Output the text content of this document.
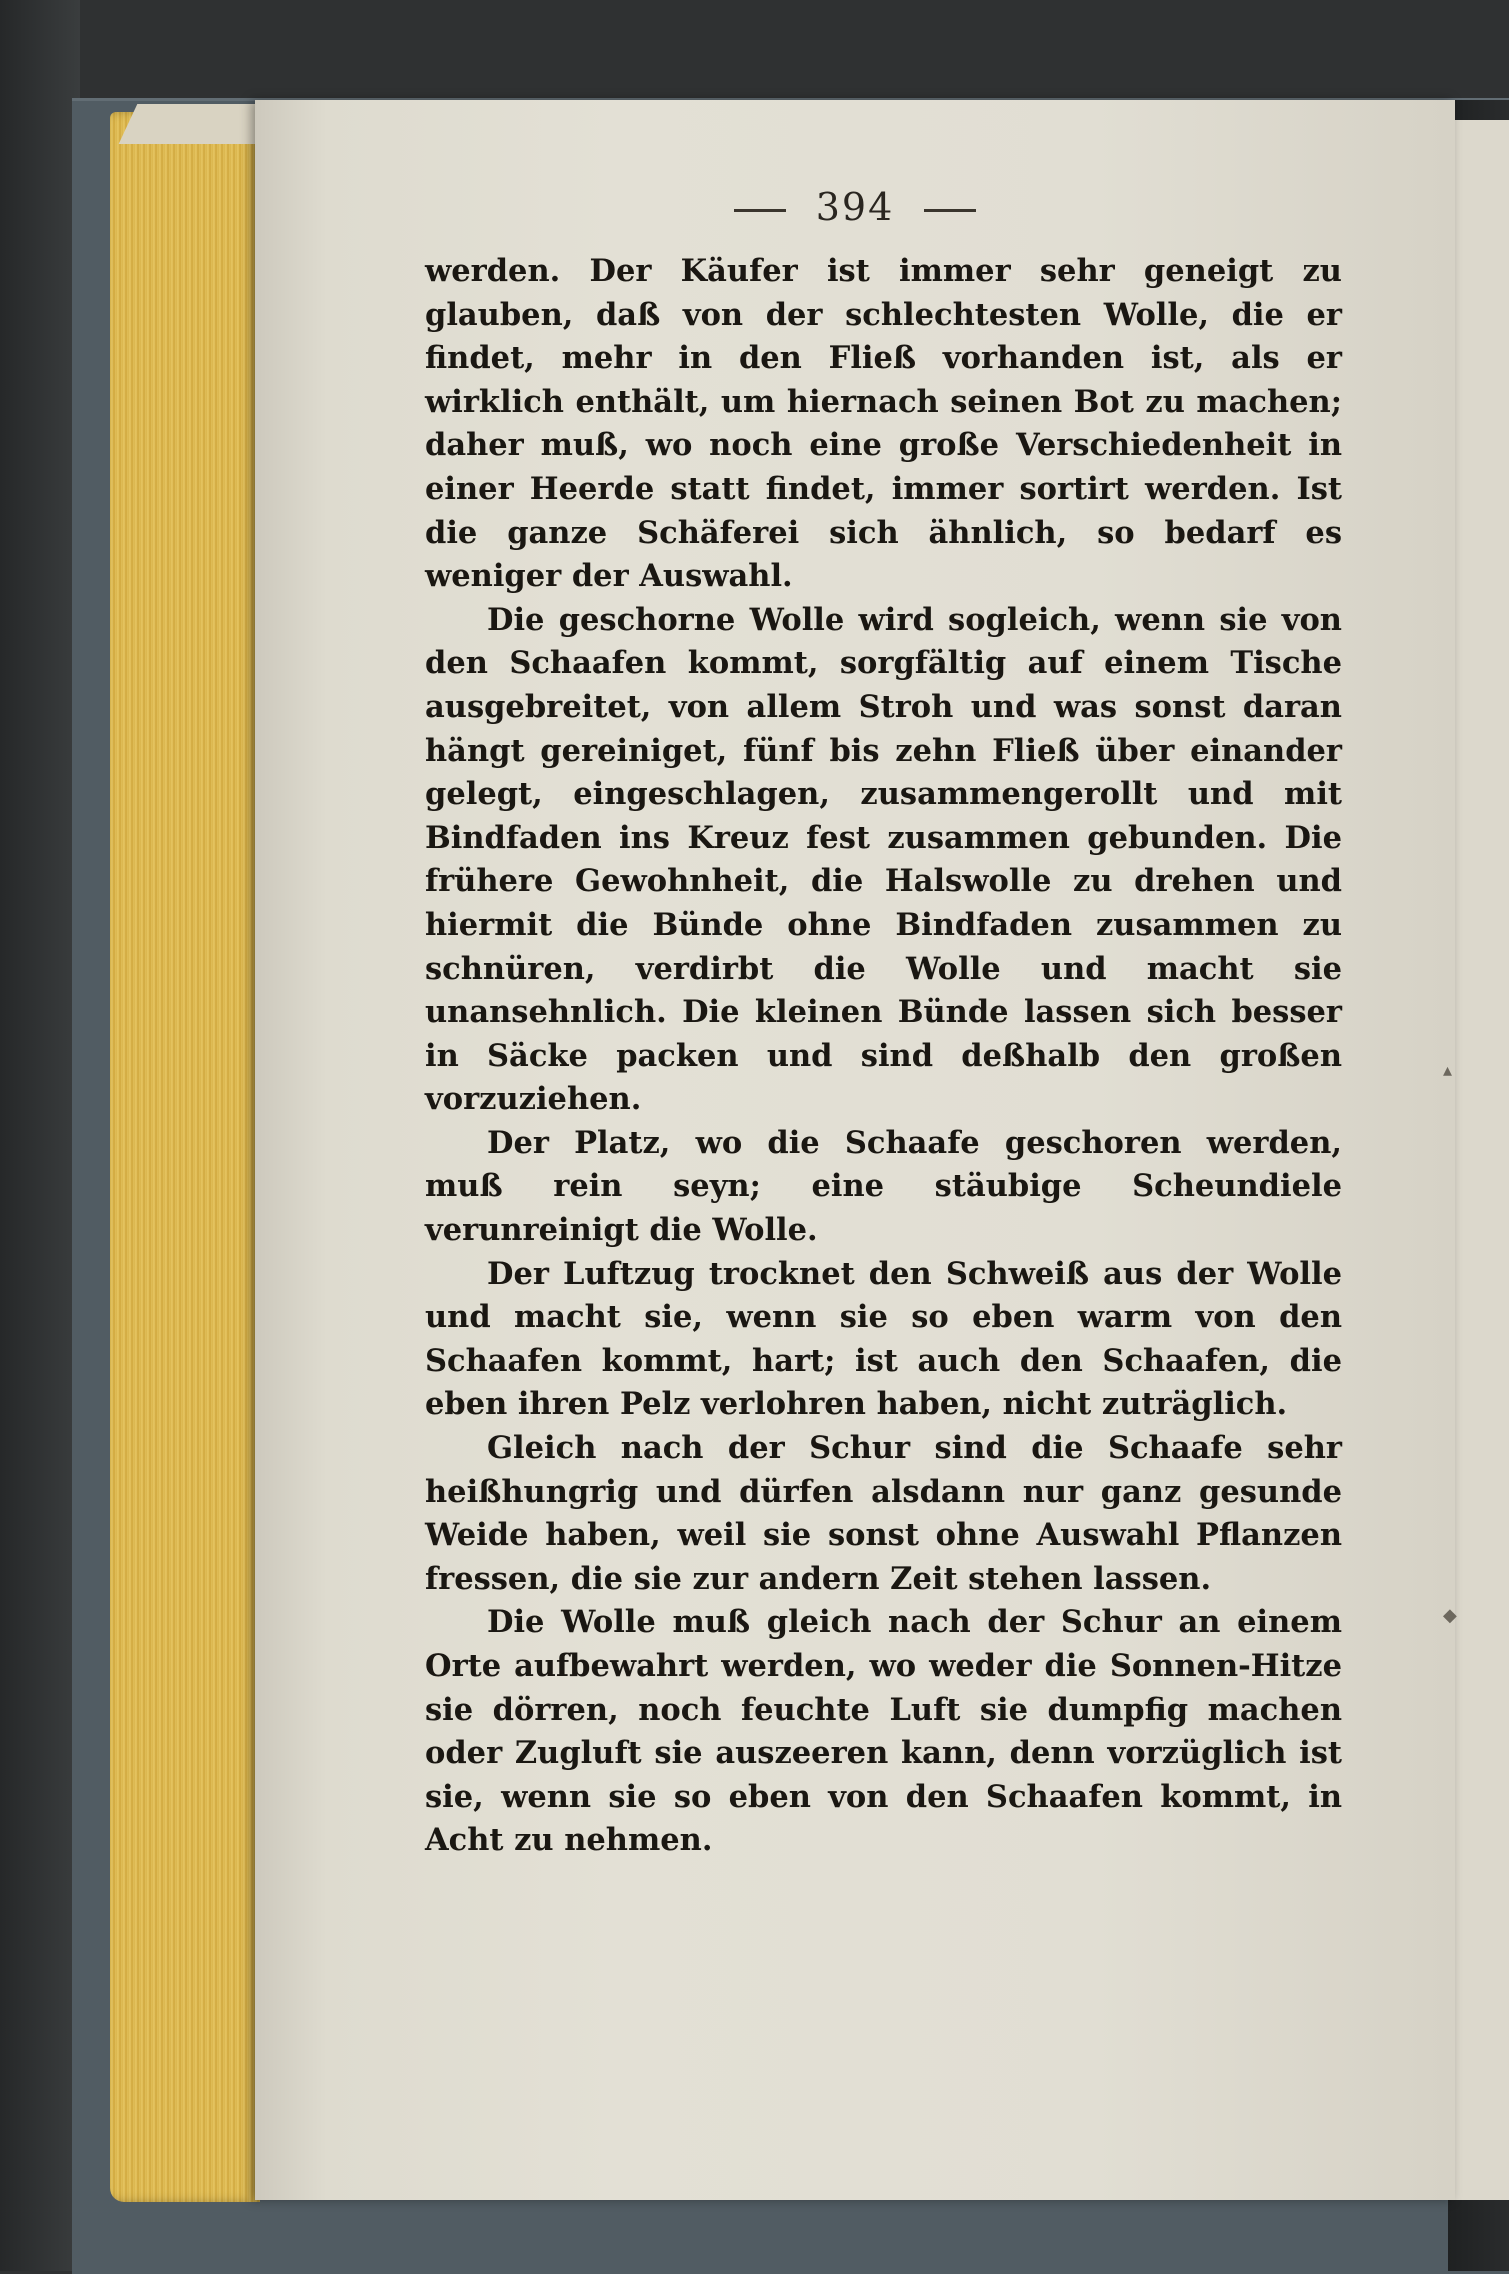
394

werden. Der Käufer ist immer sehr geneigt zu glauben, daß von der schlechtesten Wolle, die er findet, mehr in den Fließ vorhanden ist, als er wirklich enthält, um hiernach seinen Bot zu machen; daher muß, wo noch eine große Verschiedenheit in einer Heerde statt findet, immer sortirt werden. Ist die ganze Schäferei sich ähnlich, so bedarf es weniger der Auswahl.

Die geschorne Wolle wird sogleich, wenn sie von den Schaafen kommt, sorgfältig auf einem Tische ausgebreitet, von allem Stroh und was sonst daran hängt gereiniget, fünf bis zehn Fließ über einander gelegt, eingeschlagen, zusammengerollt und mit Bindfaden ins Kreuz fest zusammen gebunden. Die frühere Gewohnheit, die Halswolle zu drehen und hiermit die Bünde ohne Bindfaden zusammen zu schnüren, verdirbt die Wolle und macht sie unansehnlich. Die kleinen Bünde lassen sich besser in Säcke packen und sind deßhalb den großen vorzuziehen.

Der Platz, wo die Schaafe geschoren werden, muß rein seyn; eine stäubige Scheundiele verunreinigt die Wolle.

Der Luftzug trocknet den Schweiß aus der Wolle und macht sie, wenn sie so eben warm von den Schaafen kommt, hart; ist auch den Schaafen, die eben ihren Pelz verlohren haben, nicht zuträglich.

Gleich nach der Schur sind die Schaafe sehr heißhungrig und dürfen alsdann nur ganz gesunde Weide haben, weil sie sonst ohne Auswahl Pflanzen fressen, die sie zur andern Zeit stehen lassen.

Die Wolle muß gleich nach der Schur an einem Orte aufbewahrt werden, wo weder die Sonnen-Hitze sie dörren, noch feuchte Luft sie dumpfig machen oder Zugluft sie auszeeren kann, denn vorzüglich ist sie, wenn sie so eben von den Schaafen kommt, in Acht zu nehmen.

▴
◆
